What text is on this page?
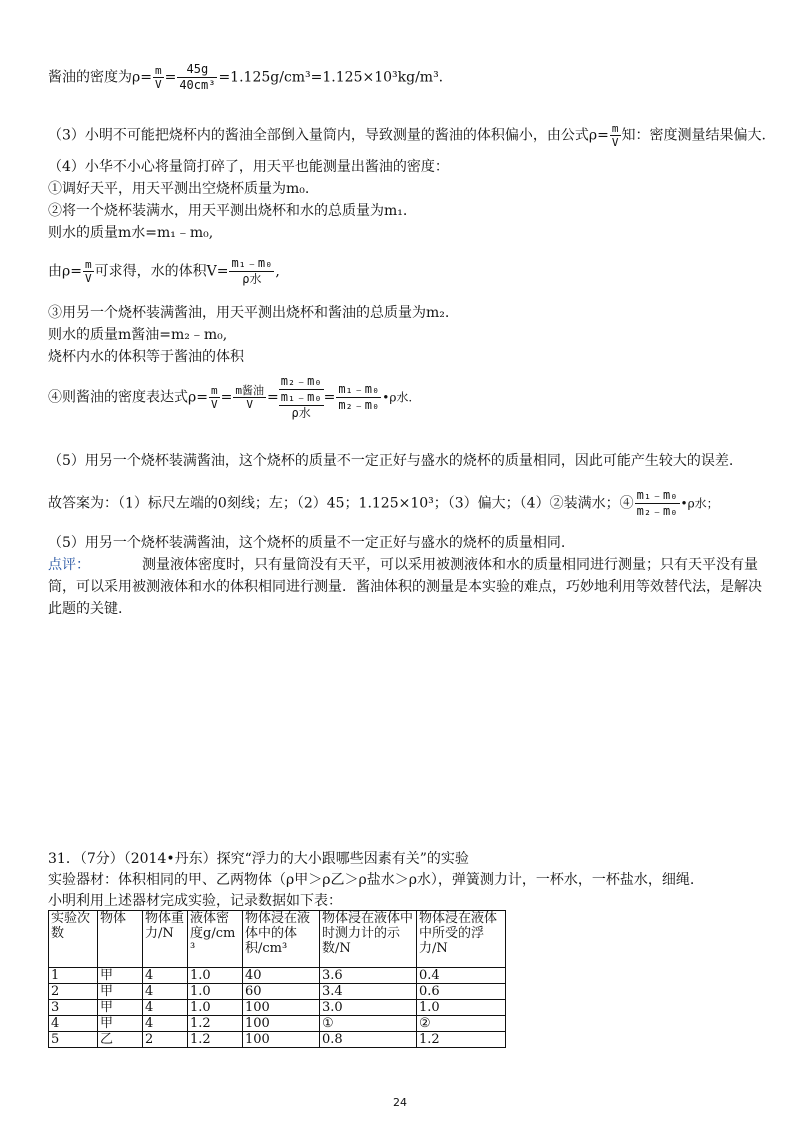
酱油的密度为$\rho= \frac{m}{V} = \frac{45g}{\text{40cm³}} =1.125g/cm^3=1.125\times 10^3kg/m^3$.
（3）小明不可能把烧杯内的酱油全部倒入量筒内，导致测量的酱油的体积偏小，由公式$\rho= \frac{m}{V}$ 知：密度测量结果偏大.
（4）小华不小心将量筒打碎了，用天平也能测量出酱油的密度：
①调好天平，用天平测出空烧杯质量为m₀.
②将一个烧杯装满水，用天平测出烧杯和水的总质量为m₁.
则水的质量m水=m₁﹣m₀,
由$\rho= \frac{m}{V}$ 可求得，水的体积$V= \frac{\text{m₁﹣m₀}}{\text{ρ水}}$ ,
③用另一个烧杯装满酱油，用天平测出烧杯和酱油的总质量为m₂.
则水的质量m酱油=m₂﹣m₀,
烧杯内水的体积等于酱油的体积
④则酱油的密度表达式$\rho= \frac{m}{V} = \frac{\text{m酱油}}{V}$ =
m₂﹣m₀
m₁﹣m₀
ρ水
= $\frac{\text{m₁﹣m₀}}{\text{m₂﹣m₀}}$ •ρ水.
（5）用另一个烧杯装满酱油，这个烧杯的质量不一定正好与盛水的烧杯的质量相同，因此可能产生较大的误差.
故答案为：（1）标尺左端的0刻线；左；（2）45；1.125×10³；（3）偏大；（4）②装满水；④ $\frac{\text{m₁﹣m₀}}{\text{m₂﹣m₀}}$ •ρ水；
（5）用另一个烧杯装满酱油，这个烧杯的质量不一定正好与盛水的烧杯的质量相同.
点评：	测量液体密度时，只有量筒没有天平，可以采用被测液体和水的质量相同进行测量；只有天平没有量
筒，可以采用被测液体和水的体积相同进行测量．酱油体积的测量是本实验的难点，巧妙地利用等效替代法，是解决
此题的关键.
31．（7分）（2014•丹东）探究“浮力的大小跟哪些因素有关”的实验
实验器材：体积相同的甲、乙两物体（ρ甲＞ρ乙＞ρ盐水＞ρ水），弹簧测力计，一杯水，一杯盐水，细绳.
小明利用上述器材完成实验，记录数据如下表：
实验次数	物体	物体重力/N	液体密度g/cm³	物体浸在液体中的体积/cm³	物体浸在液体中时测力计的示数/N	物体浸在液体中所受的浮力/N
1	甲	4	1.0	40	3.6	0.4
2	甲	4	1.0	60	3.4	0.6
3	甲	4	1.0	100	3.0	1.0
4	甲	4	1.2	100	①	②
5	乙	2	1.2	100	0.8	1.2
24
